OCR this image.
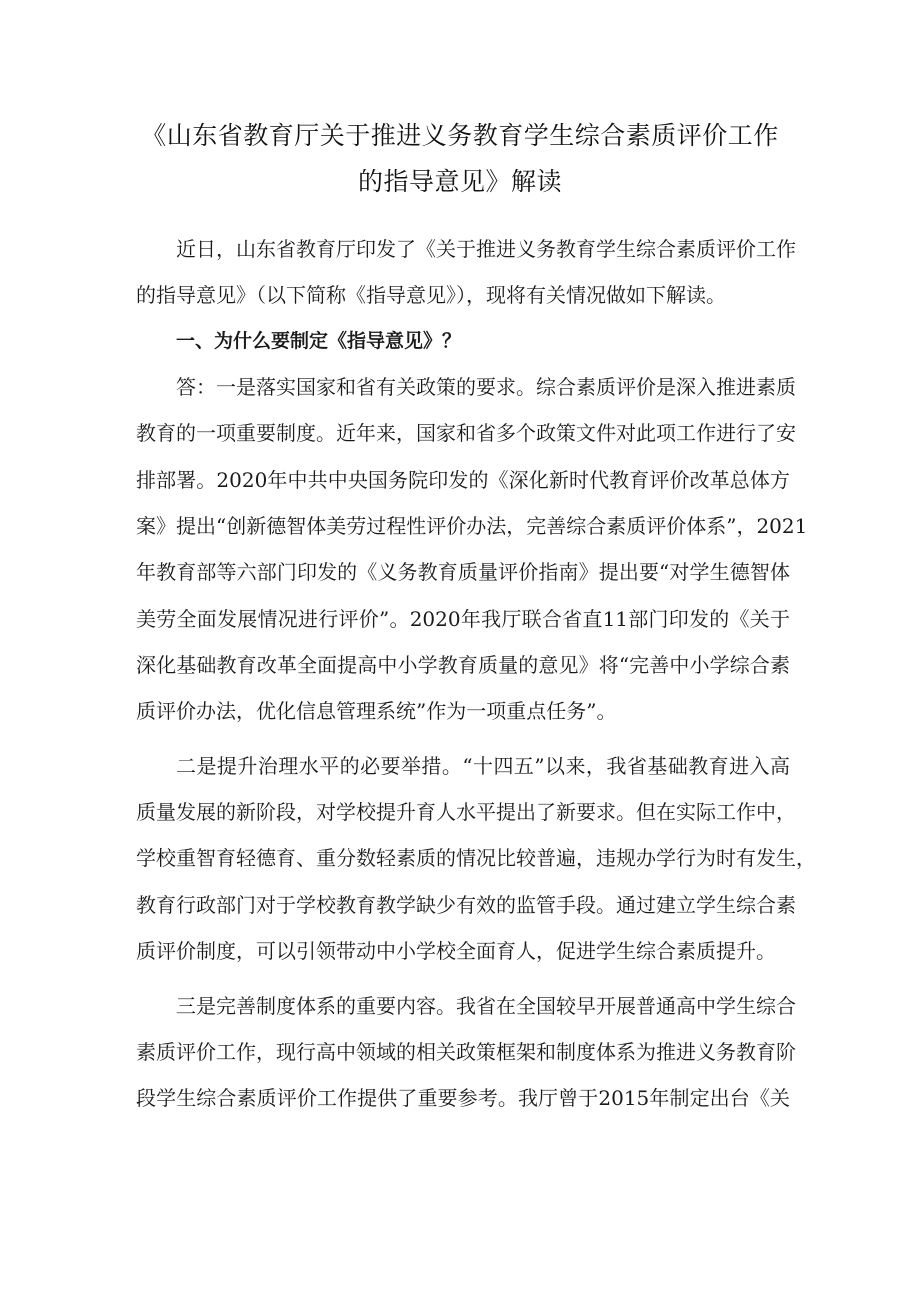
《山东省教育厅关于推进义务教育学生综合素质评价工作
的指导意见》解读
近日，山东省教育厅印发了《关于推进义务教育学生综合素质评价工作
的指导意见》（以下简称《指导意见》），现将有关情况做如下解读。
一、为什么要制定《指导意见》？
答：一是落实国家和省有关政策的要求。综合素质评价是深入推进素质
教育的一项重要制度。近年来，国家和省多个政策文件对此项工作进行了安
排部署。2020年中共中央国务院印发的《深化新时代教育评价改革总体方
案》提出“创新德智体美劳过程性评价办法，完善综合素质评价体系”，2021
年教育部等六部门印发的《义务教育质量评价指南》提出要“对学生德智体
美劳全面发展情况进行评价”。2020年我厅联合省直11部门印发的《关于
深化基础教育改革全面提高中小学教育质量的意见》将“完善中小学综合素
质评价办法，优化信息管理系统”作为一项重点任务”。
二是提升治理水平的必要举措。“十四五”以来，我省基础教育进入高
质量发展的新阶段，对学校提升育人水平提出了新要求。但在实际工作中，
学校重智育轻德育、重分数轻素质的情况比较普遍，违规办学行为时有发生，
教育行政部门对于学校教育教学缺少有效的监管手段。通过建立学生综合素
质评价制度，可以引领带动中小学校全面育人，促进学生综合素质提升。
三是完善制度体系的重要内容。我省在全国较早开展普通高中学生综合
素质评价工作，现行高中领域的相关政策框架和制度体系为推进义务教育阶
段学生综合素质评价工作提供了重要参考。我厅曾于2015年制定出台《关
